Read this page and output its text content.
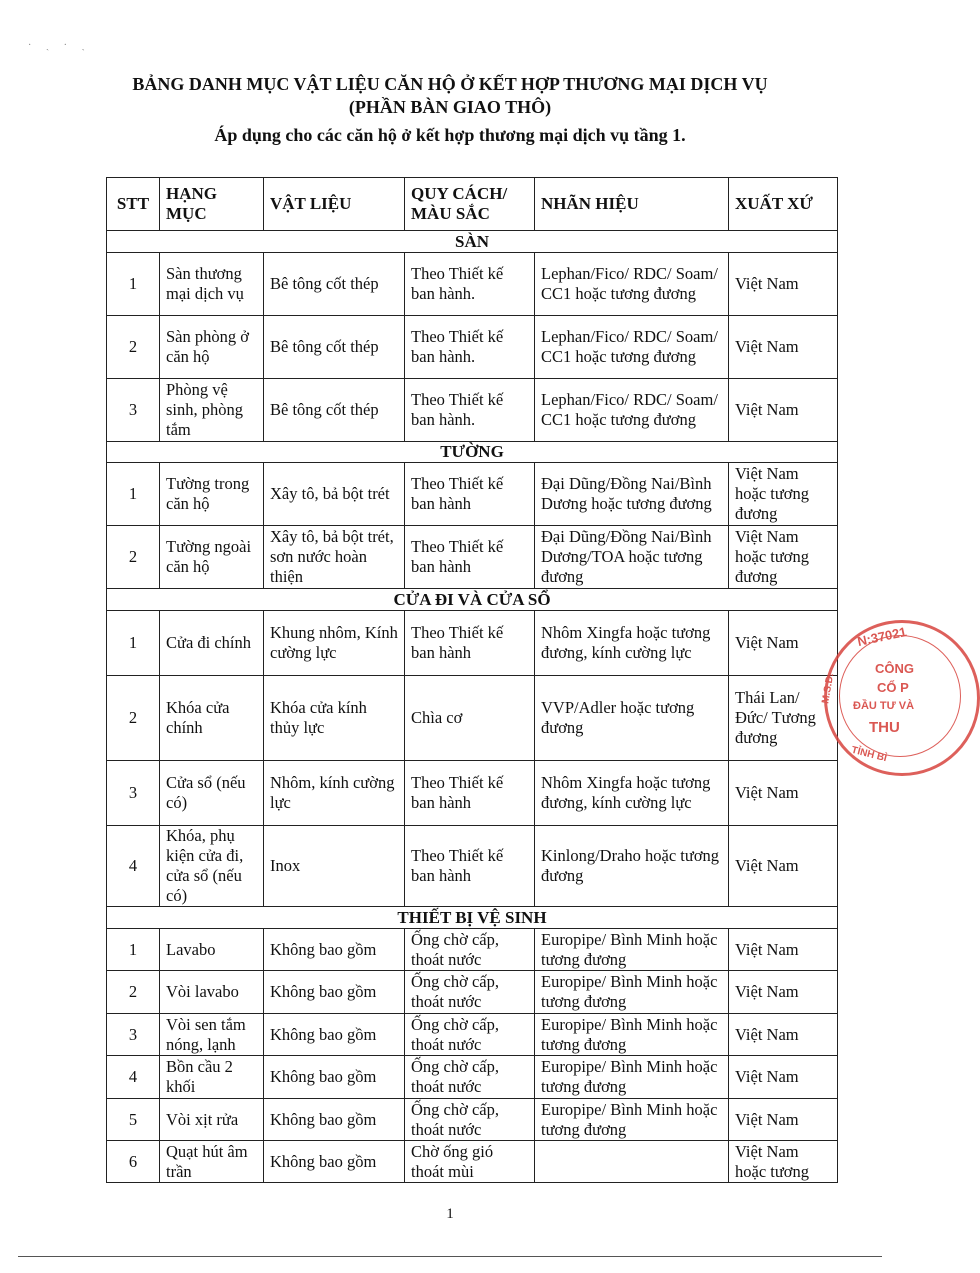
· ˏ · ˎ
BẢNG DANH MỤC VẬT LIỆU CĂN HỘ Ở KẾT HỢP THƯƠNG MẠI DỊCH VỤ
(PHẦN BÀN GIAO THÔ)
Áp dụng cho các căn hộ ở kết hợp thương mại dịch vụ tầng 1.
STT	HẠNG MỤC	VẬT LIỆU	QUY CÁCH/ MÀU SẮC	NHÃN HIỆU	XUẤT XỨ
SÀN					
1	Sàn thương mại dịch vụ	Bê tông cốt thép	Theo Thiết kế ban hành.	Lephan/Fico/ RDC/ Soam/ CC1 hoặc tương đương	Việt Nam
2	Sàn phòng ở căn hộ	Bê tông cốt thép	Theo Thiết kế ban hành.	Lephan/Fico/ RDC/ Soam/ CC1 hoặc tương đương	Việt Nam
3	Phòng vệ sinh, phòng tắm	Bê tông cốt thép	Theo Thiết kế ban hành.	Lephan/Fico/ RDC/ Soam/ CC1 hoặc tương đương	Việt Nam
TƯỜNG					
1	Tường trong căn hộ	Xây tô, bả bột trét	Theo Thiết kế ban hành	Đại Dũng/Đồng Nai/Bình Dương hoặc tương đương	Việt Nam hoặc tương đương
2	Tường ngoài căn hộ	Xây tô, bả bột trét, sơn nước hoàn thiện	Theo Thiết kế ban hành	Đại Dũng/Đồng Nai/Bình Dương/TOA hoặc tương đương	Việt Nam hoặc tương đương
CỬA ĐI VÀ CỬA SỔ					
1	Cửa đi chính	Khung nhôm, Kính cường lực	Theo Thiết kế ban hành	Nhôm Xingfa hoặc tương đương, kính cường lực	Việt Nam
2	Khóa cửa chính	Khóa cửa kính thủy lực	Chìa cơ	VVP/Adler hoặc tương đương	Thái Lan/Đức/ Tương đương
3	Cửa sổ (nếu có)	Nhôm, kính cường lực	Theo Thiết kế ban hành	Nhôm Xingfa hoặc tương đương, kính cường lực	Việt Nam
4	Khóa, phụ kiện cửa đi, cửa sổ (nếu có)	Inox	Theo Thiết kế ban hành	Kinlong/Draho hoặc tương đương	Việt Nam
THIẾT BỊ VỆ SINH					
1	Lavabo	Không bao gồm	Ống chờ cấp, thoát nước	Europipe/ Bình Minh hoặc tương đương	Việt Nam
2	Vòi lavabo	Không bao gồm	Ống chờ cấp, thoát nước	Europipe/ Bình Minh hoặc tương đương	Việt Nam
3	Vòi sen tắm nóng, lạnh	Không bao gồm	Ống chờ cấp, thoát nước	Europipe/ Bình Minh hoặc tương đương	Việt Nam
4	Bồn cầu 2 khối	Không bao gồm	Ống chờ cấp, thoát nước	Europipe/ Bình Minh hoặc tương đương	Việt Nam
5	Vòi xịt rửa	Không bao gồm	Ống chờ cấp, thoát nước	Europipe/ Bình Minh hoặc tương đương	Việt Nam
6	Quạt hút âm trần	Không bao gồm	Chờ ống gió thoát mùi		Việt Nam hoặc tương
N:37021
CÔNG
CỔ P
ĐẦU TƯ VÀ
THU
TỈNH BÌ
M.S.D.
1
